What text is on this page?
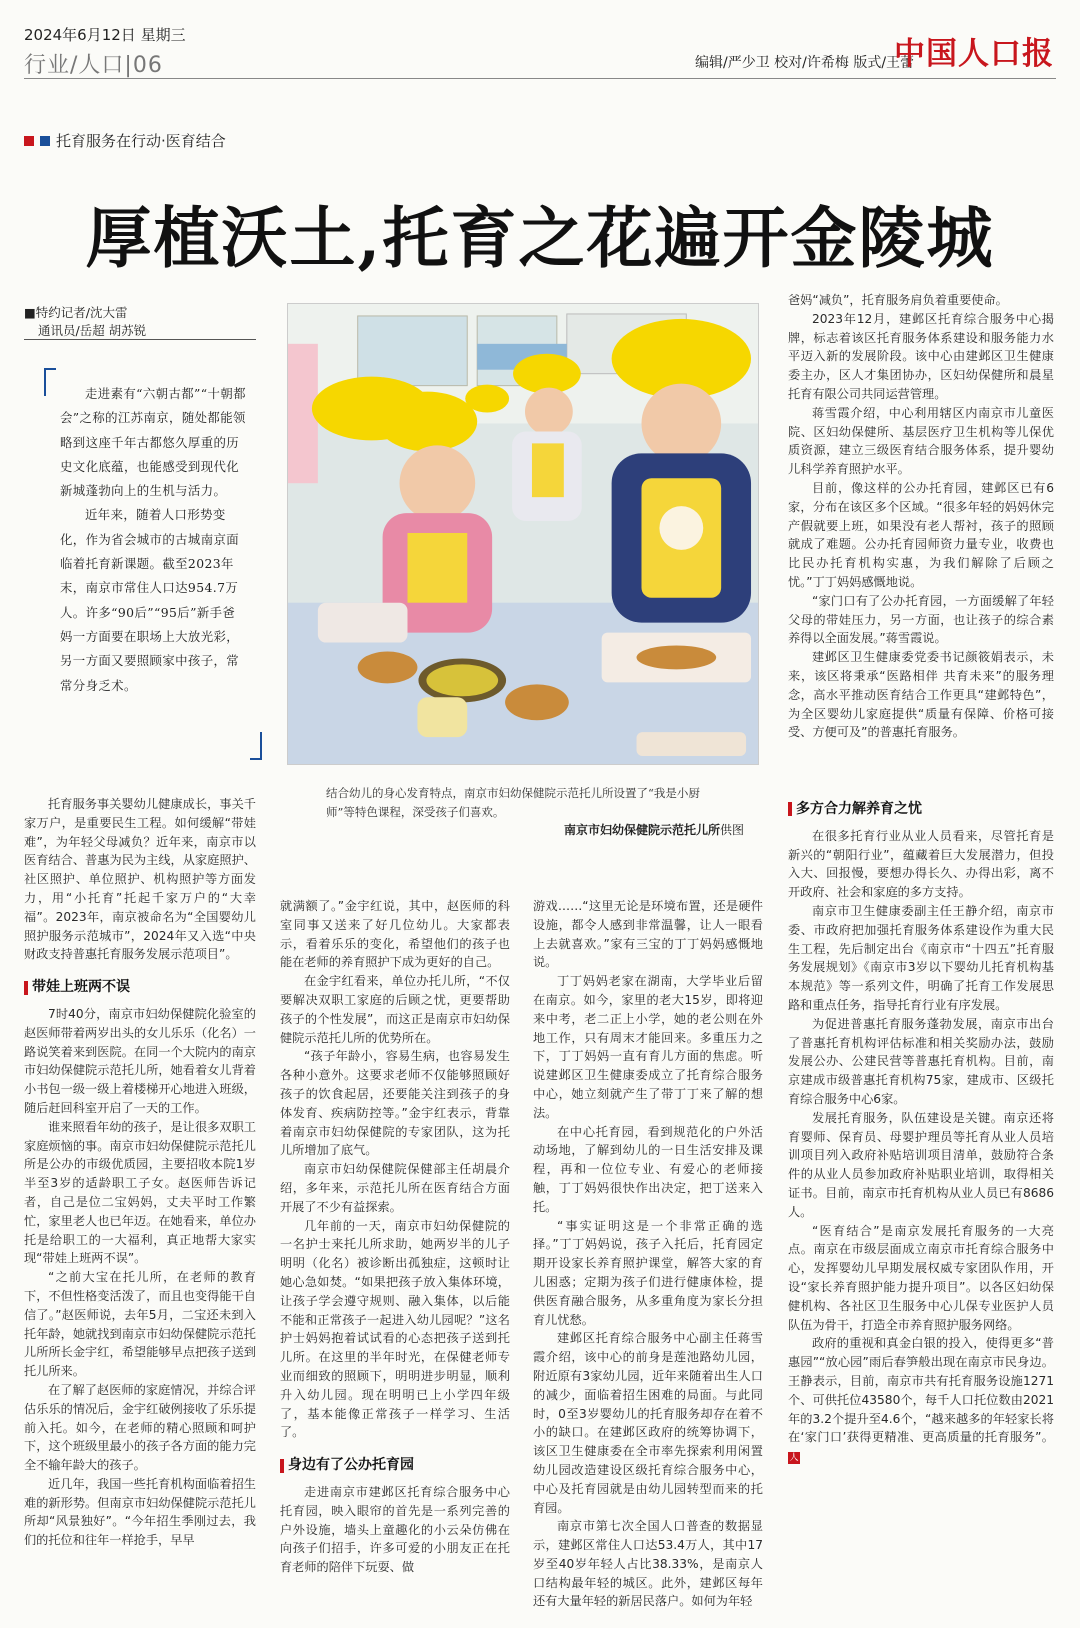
2024年6月12日 星期三
行业/人口|06	编辑/严少卫 校对/许希梅 版式/王蕾
中国人口报
托育服务在行动·医育结合
厚植沃土,托育之花遍开金陵城
■特约记者/沈大雷
通讯员/岳超 胡苏锐

走进素有“六朝古都”“十朝都会”之称的江苏南京，随处都能领略到这座千年古都悠久厚重的历史文化底蕴，也能感受到现代化新城蓬勃向上的生机与活力。

近年来，随着人口形势变化，作为省会城市的古城南京面临着托育新课题。截至2023年末，南京市常住人口达954.7万人。许多“90后”“95后”新手爸妈一方面要在职场上大放光彩，另一方面又要照顾家中孩子，常常分身乏术。

结合幼儿的身心发育特点，南京市妇幼保健院示范托儿所设置了“我是小厨师”等特色课程，深受孩子们喜欢。
南京市妇幼保健院示范托儿所供图

爸妈“减负”，托育服务肩负着重要使命。

2023年12月，建邺区托育综合服务中心揭牌，标志着该区托育服务体系建设和服务能力水平迈入新的发展阶段。该中心由建邺区卫生健康委主办，区人才集团协办，区妇幼保健所和晨星托育有限公司共同运营管理。

蒋雪霞介绍，中心利用辖区内南京市儿童医院、区妇幼保健所、基层医疗卫生机构等儿保优质资源，建立三级医育结合服务体系，提升婴幼儿科学养育照护水平。

目前，像这样的公办托育园，建邺区已有6家，分布在该区多个区域。“很多年轻的妈妈休完产假就要上班，如果没有老人帮衬，孩子的照顾就成了难题。公办托育园师资力量专业，收费也比民办托育机构实惠，为我们解除了后顾之忧。”丁丁妈妈感慨地说。

“家门口有了公办托育园，一方面缓解了年轻父母的带娃压力，另一方面，也让孩子的综合素养得以全面发展。”蒋雪霞说。

建邺区卫生健康委党委书记颜筱娟表示，未来，该区将秉承“医路相伴 共育未来”的服务理念，高水平推动医育结合工作更具“建邺特色”，为全区婴幼儿家庭提供“质量有保障、价格可接受、方便可及”的普惠托育服务。

托育服务事关婴幼儿健康成长，事关千家万户，是重要民生工程。如何缓解“带娃难”，为年轻父母减负？近年来，南京市以医育结合、普惠为民为主线，从家庭照护、社区照护、单位照护、机构照护等方面发力，用“小托育”托起千家万户的“大幸福”。2023年，南京被命名为“全国婴幼儿照护服务示范城市”，2024年又入选“中央财政支持普惠托育服务发展示范项目”。

带娃上班两不误

7时40分，南京市妇幼保健院化验室的赵医师带着两岁出头的女儿乐乐（化名）一路说笑着来到医院。在同一个大院内的南京市妇幼保健院示范托儿所，她看着女儿背着小书包一级一级上着楼梯开心地进入班级，随后赶回科室开启了一天的工作。

谁来照看年幼的孩子，是让很多双职工家庭烦恼的事。南京市妇幼保健院示范托儿所是公办的市级优质园，主要招收本院1岁半至3岁的适龄职工子女。赵医师告诉记者，自己是位二宝妈妈，丈夫平时工作繁忙，家里老人也已年迈。在她看来，单位办托是给职工的一大福利，真正地帮大家实现“带娃上班两不误”。

“之前大宝在托儿所，在老师的教育下，不但性格变活泼了，而且也变得能干自信了。”赵医师说，去年5月，二宝还未到入托年龄，她就找到南京市妇幼保健院示范托儿所所长金宇红，希望能够早点把孩子送到托儿所来。

在了解了赵医师的家庭情况，并综合评估乐乐的情况后，金宇红破例接收了乐乐提前入托。如今，在老师的精心照顾和呵护下，这个班级里最小的孩子各方面的能力完全不输年龄大的孩子。

近几年，我国一些托育机构面临着招生难的新形势。但南京市妇幼保健院示范托儿所却“风景独好”。“今年招生季刚过去，我们的托位和往年一样抢手，早早

就满额了。”金宇红说，其中，赵医师的科室同事又送来了好几位幼儿。大家都表示，看着乐乐的变化，希望他们的孩子也能在老师的养育照护下成为更好的自己。

在金宇红看来，单位办托儿所，“不仅要解决双职工家庭的后顾之忧，更要帮助孩子的个性发展”，而这正是南京市妇幼保健院示范托儿所的优势所在。

“孩子年龄小，容易生病，也容易发生各种小意外。这要求老师不仅能够照顾好孩子的饮食起居，还要能关注到孩子的身体发育、疾病防控等。”金宇红表示，背靠着南京市妇幼保健院的专家团队，这为托儿所增加了底气。

南京市妇幼保健院保健部主任胡晨介绍，多年来，示范托儿所在医育结合方面开展了不少有益探索。

几年前的一天，南京市妇幼保健院的一名护士来托儿所求助，她两岁半的儿子明明（化名）被诊断出孤独症，这顿时让她心急如焚。“如果把孩子放入集体环境，让孩子学会遵守规则、融入集体，以后能不能和正常孩子一起进入幼儿园呢？”这名护士妈妈抱着试试看的心态把孩子送到托儿所。在这里的半年时光，在保健老师专业而细致的照顾下，明明进步明显，顺利升入幼儿园。现在明明已上小学四年级了，基本能像正常孩子一样学习、生活了。

身边有了公办托育园

走进南京市建邺区托育综合服务中心托育园，映入眼帘的首先是一系列完善的户外设施，墙头上童趣化的小云朵仿佛在向孩子们招手，许多可爱的小朋友正在托育老师的陪伴下玩耍、做

游戏……“这里无论是环境布置，还是硬件设施，都令人感到非常温馨，让人一眼看上去就喜欢。”家有三宝的丁丁妈妈感慨地说。

丁丁妈妈老家在湖南，大学毕业后留在南京。如今，家里的老大15岁，即将迎来中考，老二正上小学，她的老公则在外地工作，只有周末才能回来。多重压力之下，丁丁妈妈一直有育儿方面的焦虑。听说建邺区卫生健康委成立了托育综合服务中心，她立刻就产生了带丁丁来了解的想法。

在中心托育园，看到规范化的户外活动场地，了解到幼儿的一日生活安排及课程，再和一位位专业、有爱心的老师接触，丁丁妈妈很快作出决定，把丁送来入托。

“事实证明这是一个非常正确的选择。”丁丁妈妈说，孩子入托后，托育园定期开设家长养育照护课堂，解答大家的育儿困惑；定期为孩子们进行健康体检，提供医育融合服务，从多重角度为家长分担育儿忧愁。

建邺区托育综合服务中心副主任蒋雪霞介绍，该中心的前身是莲池路幼儿园，附近原有3家幼儿园，近年来随着出生人口的减少，面临着招生困难的局面。与此同时，0至3岁婴幼儿的托育服务却存在着不小的缺口。在建邺区政府的统筹协调下，该区卫生健康委在全市率先探索利用闲置幼儿园改造建设区级托育综合服务中心，中心及托育园就是由幼儿园转型而来的托育园。

南京市第七次全国人口普查的数据显示，建邺区常住人口达53.4万人，其中17岁至40岁年轻人占比38.33%，是南京人口结构最年轻的城区。此外，建邺区每年还有大量年轻的新居民落户。如何为年轻

多方合力解养育之忧

在很多托育行业从业人员看来，尽管托育是新兴的“朝阳行业”，蕴藏着巨大发展潜力，但投入大、回报慢，要想办得长久、办得出彩，离不开政府、社会和家庭的多方支持。

南京市卫生健康委副主任王静介绍，南京市委、市政府把加强托育服务体系建设作为重大民生工程，先后制定出台《南京市“十四五”托育服务发展规划》《南京市3岁以下婴幼儿托育机构基本规范》等一系列文件，明确了托育工作发展思路和重点任务，指导托育行业有序发展。

为促进普惠托育服务蓬勃发展，南京市出台了普惠托育机构评估标准和相关奖励办法，鼓励发展公办、公建民营等普惠托育机构。目前，南京建成市级普惠托育机构75家，建成市、区级托育综合服务中心6家。

发展托育服务，队伍建设是关键。南京还将育婴师、保育员、母婴护理员等托育从业人员培训项目列入政府补贴培训项目清单，鼓励符合条件的从业人员参加政府补贴职业培训，取得相关证书。目前，南京市托育机构从业人员已有8686人。

“医育结合”是南京发展托育服务的一大亮点。南京在市级层面成立南京市托育综合服务中心，发挥婴幼儿早期发展权威专家团队作用，开设“家长养育照护能力提升项目”。以各区妇幼保健机构、各社区卫生服务中心儿保专业医护人员队伍为骨干，打造全市养育照护服务网络。

政府的重视和真金白银的投入，使得更多“普惠园”“放心园”雨后春笋般出现在南京市民身边。王静表示，目前，南京市共有托育服务设施1271个、可供托位43580个，每千人口托位数由2021年的3.2个提升至4.6个，“越来越多的年轻家长将在‘家门口’获得更精准、更高质量的托育服务”。人
